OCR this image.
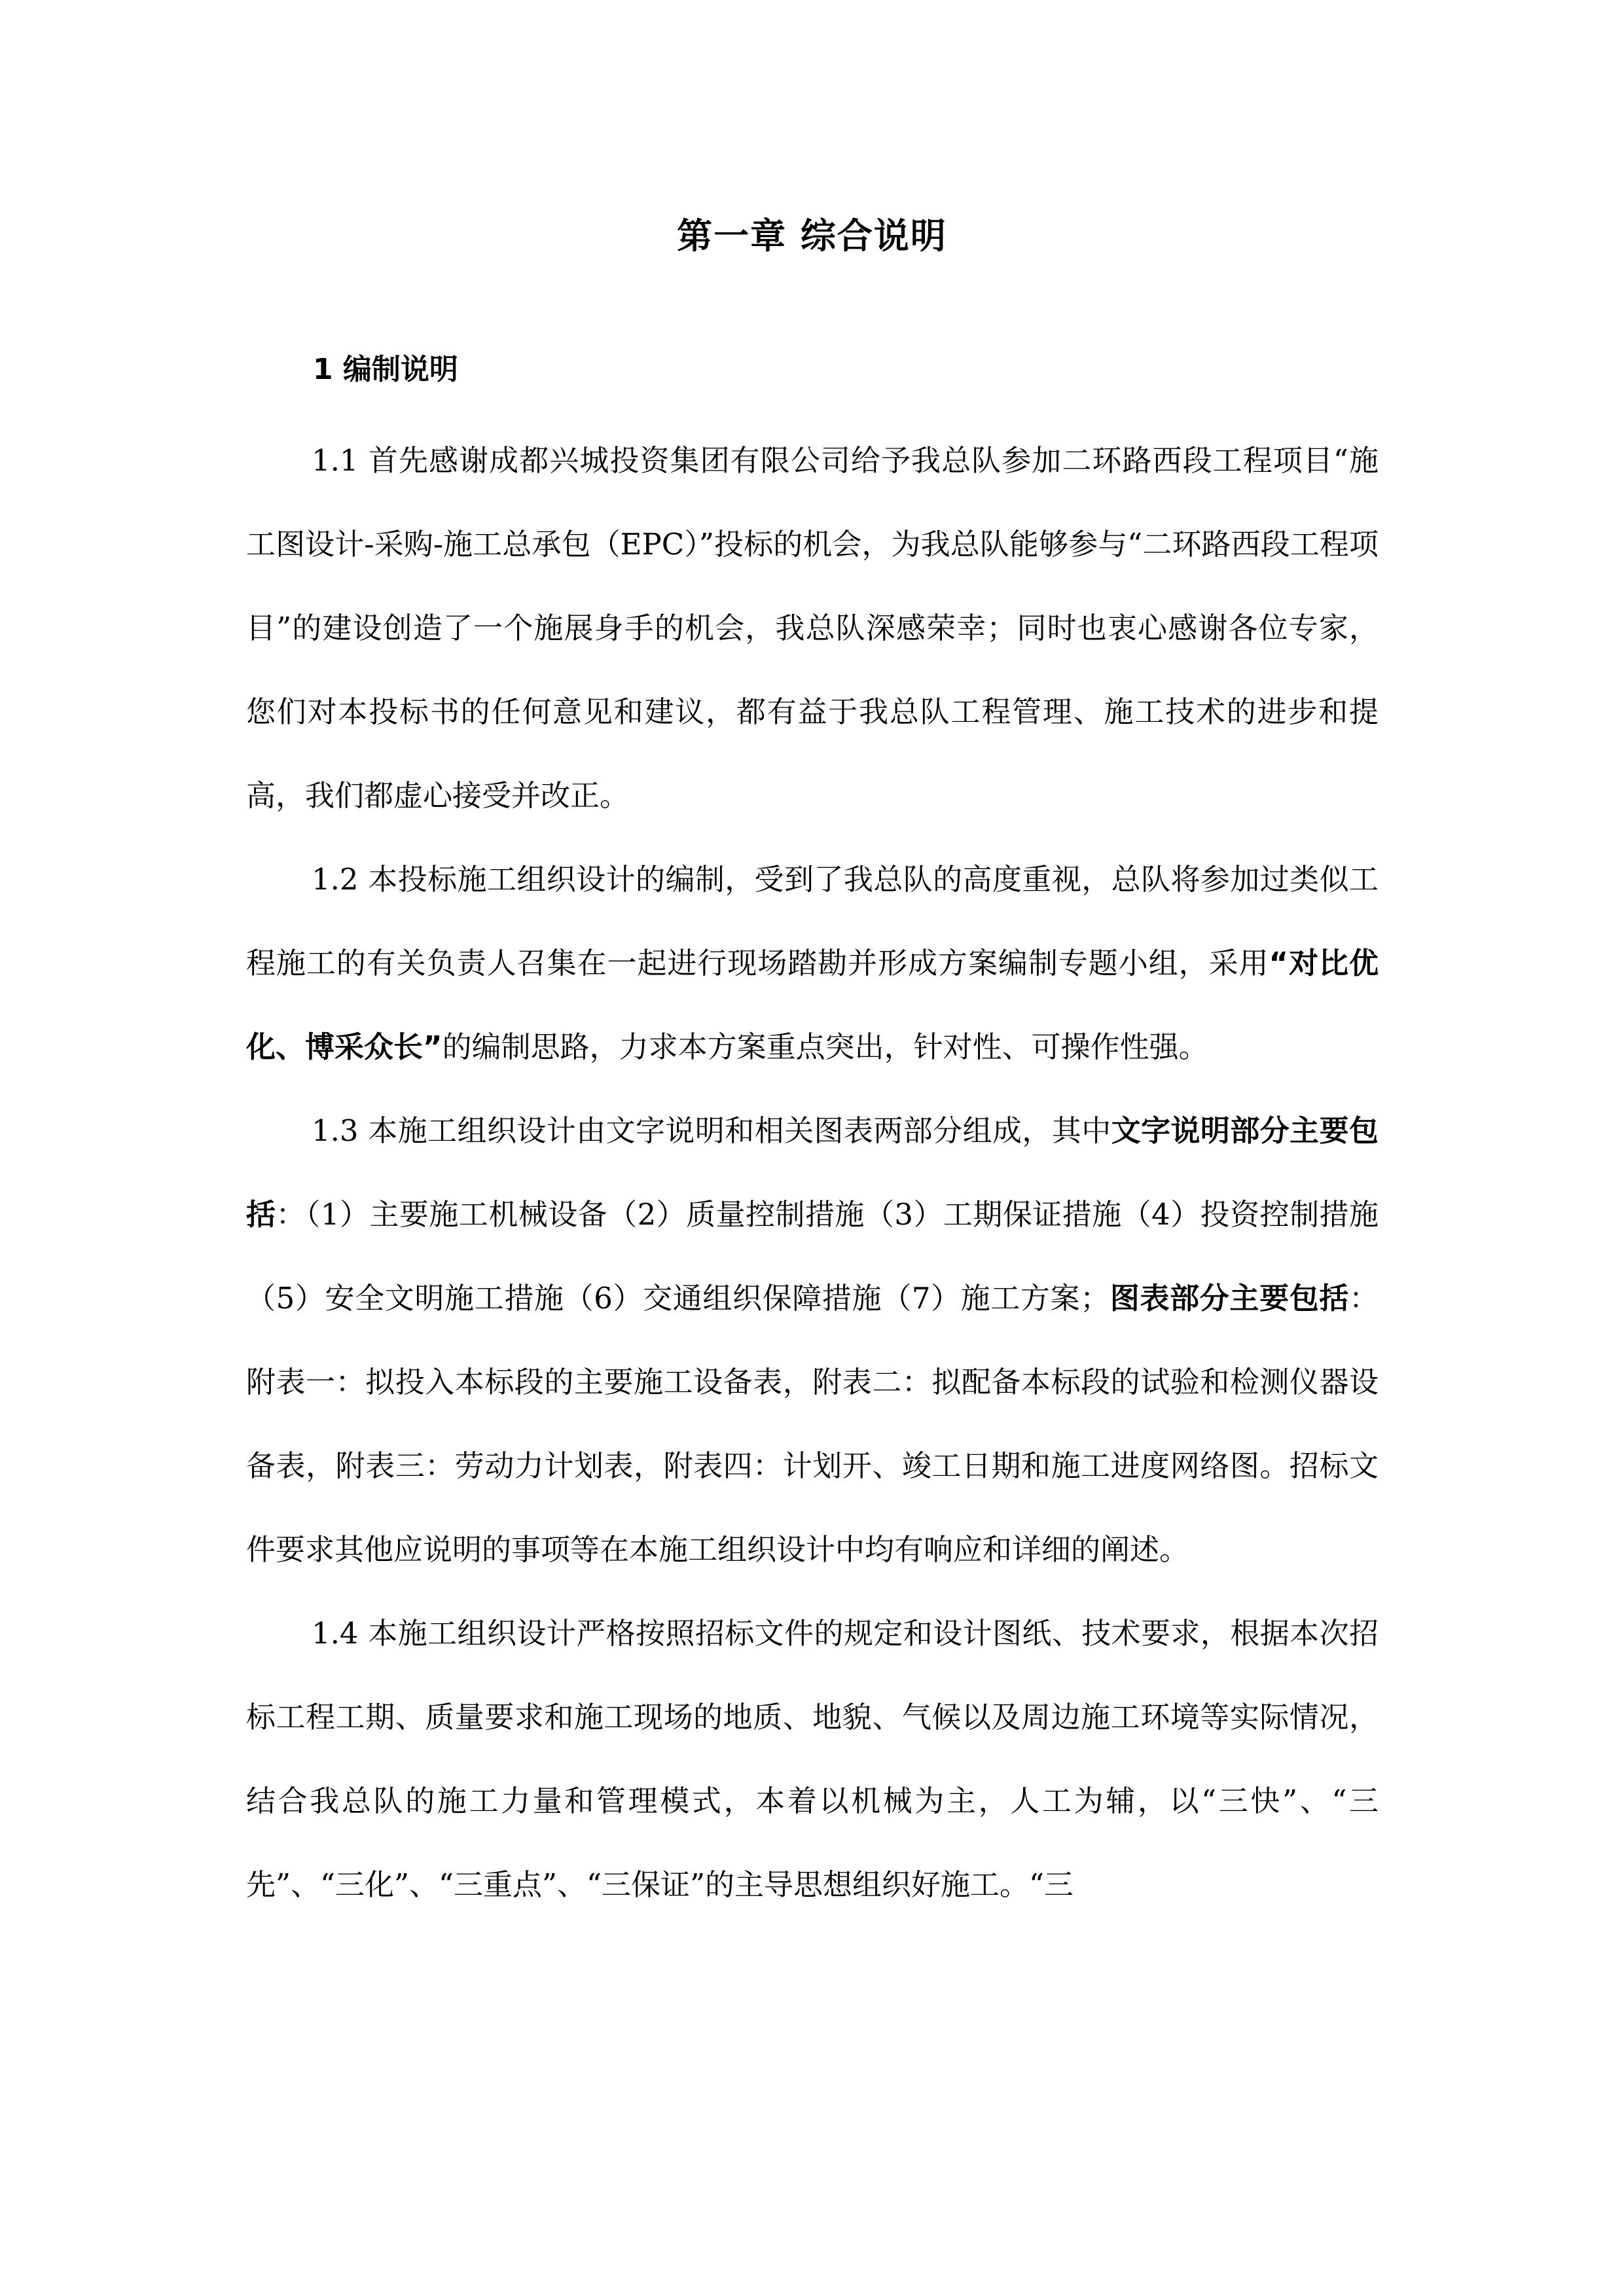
第一章 综合说明
1 编制说明

1.1 首先感谢成都兴城投资集团有限公司给予我总队参加二环路西段工程项目“施工图设计-采购-施工总承包（EPC）”投标的机会，为我总队能够参与“二环路西段工程项目”的建设创造了一个施展身手的机会，我总队深感荣幸；同时也衷心感谢各位专家，您们对本投标书的任何意见和建议，都有益于我总队工程管理、施工技术的进步和提高，我们都虚心接受并改正。

1.2 本投标施工组织设计的编制，受到了我总队的高度重视，总队将参加过类似工程施工的有关负责人召集在一起进行现场踏勘并形成方案编制专题小组，采用“对比优化、博采众长”的编制思路，力求本方案重点突出，针对性、可操作性强。

1.3 本施工组织设计由文字说明和相关图表两部分组成，其中文字说明部分主要包括：（1）主要施工机械设备（2）质量控制措施（3）工期保证措施（4）投资控制措施（5）安全文明施工措施（6）交通组织保障措施（7）施工方案；图表部分主要包括：附表一：拟投入本标段的主要施工设备表，附表二：拟配备本标段的试验和检测仪器设备表，附表三：劳动力计划表，附表四：计划开、竣工日期和施工进度网络图。招标文件要求其他应说明的事项等在本施工组织设计中均有响应和详细的阐述。

1.4 本施工组织设计严格按照招标文件的规定和设计图纸、技术要求，根据本次招标工程工期、质量要求和施工现场的地质、地貌、气候以及周边施工环境等实际情况，结合我总队的施工力量和管理模式，本着以机械为主，人工为辅，以“三快”、“三先”、“三化”、“三重点”、“三保证”的主导思想组织好施工。“三
